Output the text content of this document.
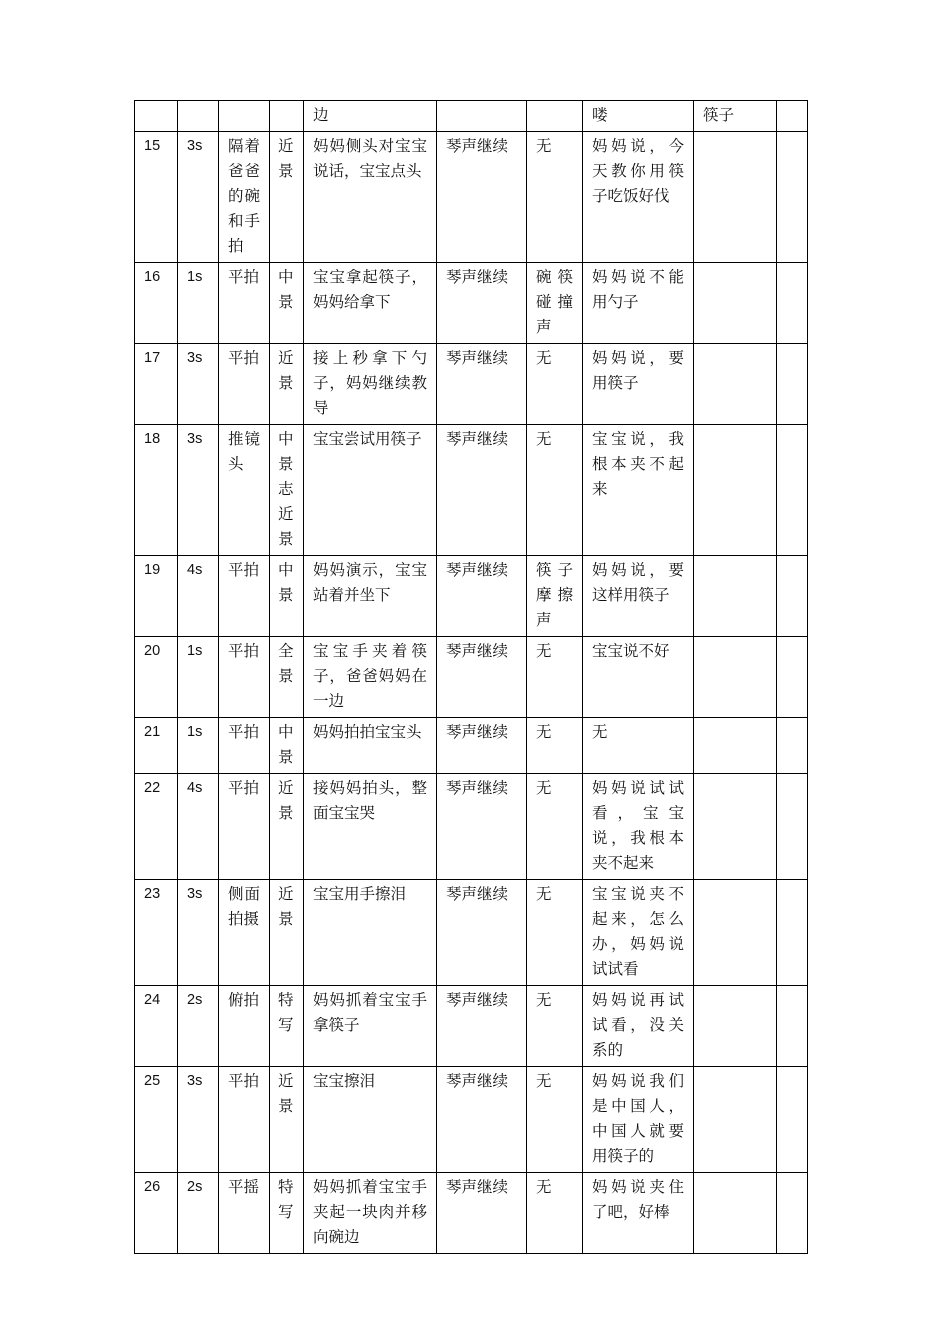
				边			喽	筷子	
15	3s	隔着爸爸的碗和手拍	近景	妈妈侧头对宝宝说话，宝宝点头	琴声继续	无	妈妈说，今天教你用筷子吃饭好伐		
16	1s	平拍	中景	宝宝拿起筷子，妈妈给拿下	琴声继续	碗筷碰撞声	妈妈说不能用勺子		
17	3s	平拍	近景	接上秒拿下勺子，妈妈继续教导	琴声继续	无	妈妈说，要用筷子		
18	3s	推镜头	中景志近景	宝宝尝试用筷子	琴声继续	无	宝宝说，我根本夹不起来		
19	4s	平拍	中景	妈妈演示，宝宝站着并坐下	琴声继续	筷子摩擦声	妈妈说，要这样用筷子		
20	1s	平拍	全景	宝宝手夹着筷子，爸爸妈妈在一边	琴声继续	无	宝宝说不好		
21	1s	平拍	中景	妈妈拍拍宝宝头	琴声继续	无	无		
22	4s	平拍	近景	接妈妈拍头，整面宝宝哭	琴声继续	无	妈妈说试试看，宝宝说，我根本夹不起来		
23	3s	侧面拍摄	近景	宝宝用手擦泪	琴声继续	无	宝宝说夹不起来，怎么办，妈妈说试试看		
24	2s	俯拍	特写	妈妈抓着宝宝手拿筷子	琴声继续	无	妈妈说再试试看，没关系的		
25	3s	平拍	近景	宝宝擦泪	琴声继续	无	妈妈说我们是中国人，中国人就要用筷子的		
26	2s	平摇	特写	妈妈抓着宝宝手夹起一块肉并移向碗边	琴声继续	无	妈妈说夹住了吧，好棒		
